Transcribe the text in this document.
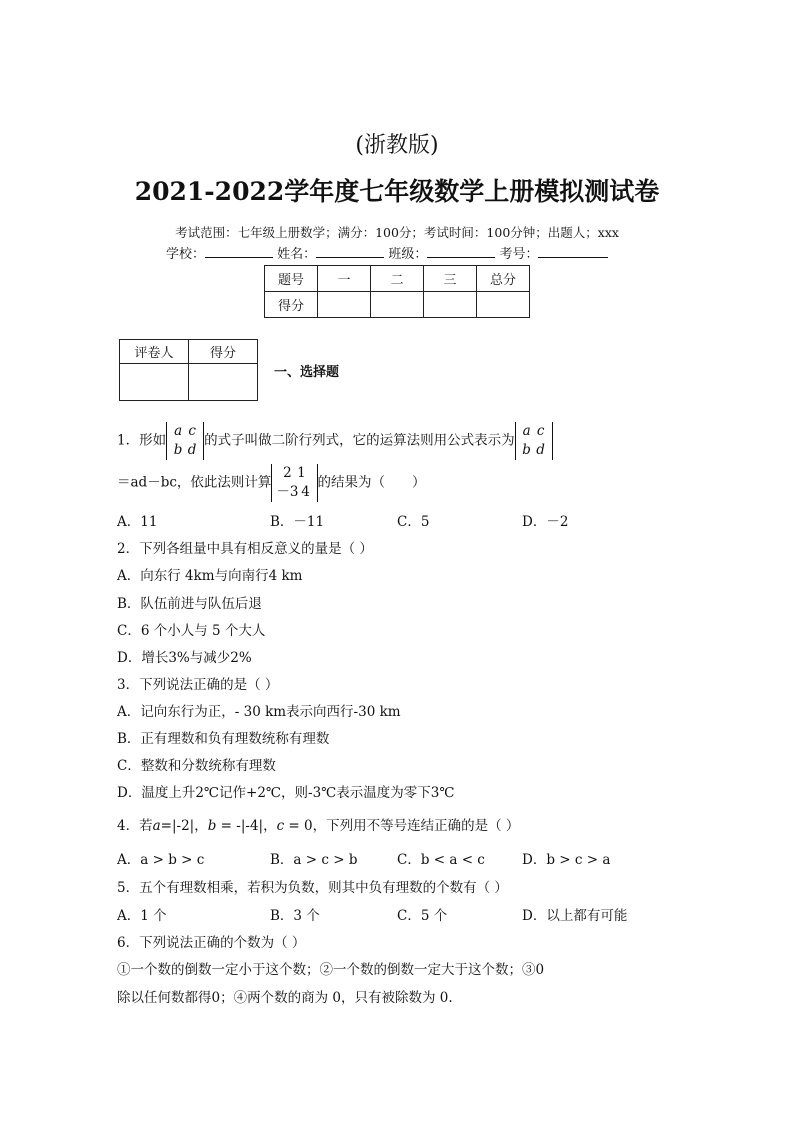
(浙教版)
2021-2022学年度七年级数学上册模拟测试卷
考试范围：七年级上册数学；满分：100分；考试时间：100分钟；出题人；xxx
学校：	姓名：	班级：	考号：
题号	一	二	三	总分
得分				
评卷人	得分

一、选择题
1．形如a c
b d的式子叫做二阶行列式，它的运算法则用公式表示为a c
b d
＝ad－bc，依此法则计算2 1
－3 4的结果为（　　）
A．11	B．－11	C．5	D．－2
2．下列各组量中具有相反意义的量是（ ）
A．向东行 4km与向南行4 km
B．队伍前进与队伍后退
C．6 个小人与 5 个大人
D．增长3%与减少2%
3．下列说法正确的是（ ）
A．记向东行为正，- 30 km表示向西行-30 km
B．正有理数和负有理数统称有理数
C．整数和分数统称有理数
D．温度上升2℃记作+2℃，则-3℃表示温度为零下3℃
4．若a=|-2|，b = -|-4|，c = 0，下列用不等号连结正确的是（ ）
A．a > b > c	B．a > c > b	C．b < a < c	D．b > c > a
5．五个有理数相乘，若积为负数，则其中负有理数的个数有（ ）
A．1 个	B．3 个	C．5 个	D．以上都有可能
6．下列说法正确的个数为（ ）
①一个数的倒数一定小于这个数；②一个数的倒数一定大于这个数；③0
除以任何数都得0；④两个数的商为 0，只有被除数为 0.
